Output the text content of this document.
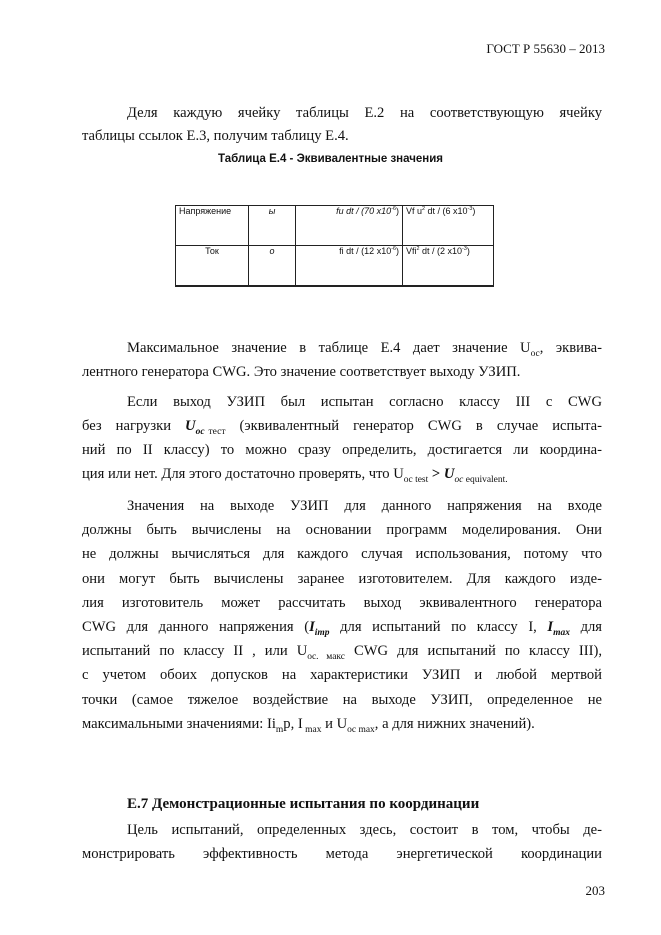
ГОСТ Р 55630 – 2013
Деля каждую ячейку таблицы Е.2 на соответствующую ячейку
таблицы ссылок Е.3, получим таблицу Е.4.
Таблица Е.4 - Эквивалентные значения
Напряжение	ы	fu dt / (70 $x10^{-6}$)	Vf $u^2$ dt / (6 $x10^{-3}$)
Ток	о	fi dt / (12 $x10^{-6}$)	Vfi$^2$ dt / (2 $x10^{-3}$)
Максимальное значение в таблице Е.4 дает значение $U_{ос}$, эквива-
лентного генератора CWG. Это значение соответствует выходу УЗИП.
Если выход УЗИП был испытан согласно классу III с CWG
без нагрузки $U_{oc}$ $_{тест}$ (эквивалентный генератор CWG в случае испыта-
ний по II классу) то можно сразу определить, достигается ли координа-
ция или нет. Для этого достаточно проверять, что $U_{oc test} > U_{oc}$ $_{equivalent.}$
Значения на выходе УЗИП для данного напряжения на входе
должны быть вычислены на основании программ моделирования. Они
не должны вычисляться для каждого случая использования, потому что
они могут быть вычислены заранее изготовителем. Для каждого изде-
лия изготовитель может рассчитать выход эквивалентного генератора
CWG для данного напряжения ($I_{imp}$ для испытаний по классу I, $I_{max}$ для
испытаний по классу II , или $U_{oc. макс}$ CWG для испытаний по классу III),
с учетом обоих допусков на характеристики УЗИП и любой мертвой
точки (самое тяжелое воздействие на выходе УЗИП, определенное не
максимальными значениями: $Ii_mp$, I $_{max}$ и $U_{oc max}$, а для нижних значений).
Е.7 Демонстрационные испытания по координации
Цель испытаний, определенных здесь, состоит в том, чтобы де-
монстрировать эффективность метода энергетической координации
203
